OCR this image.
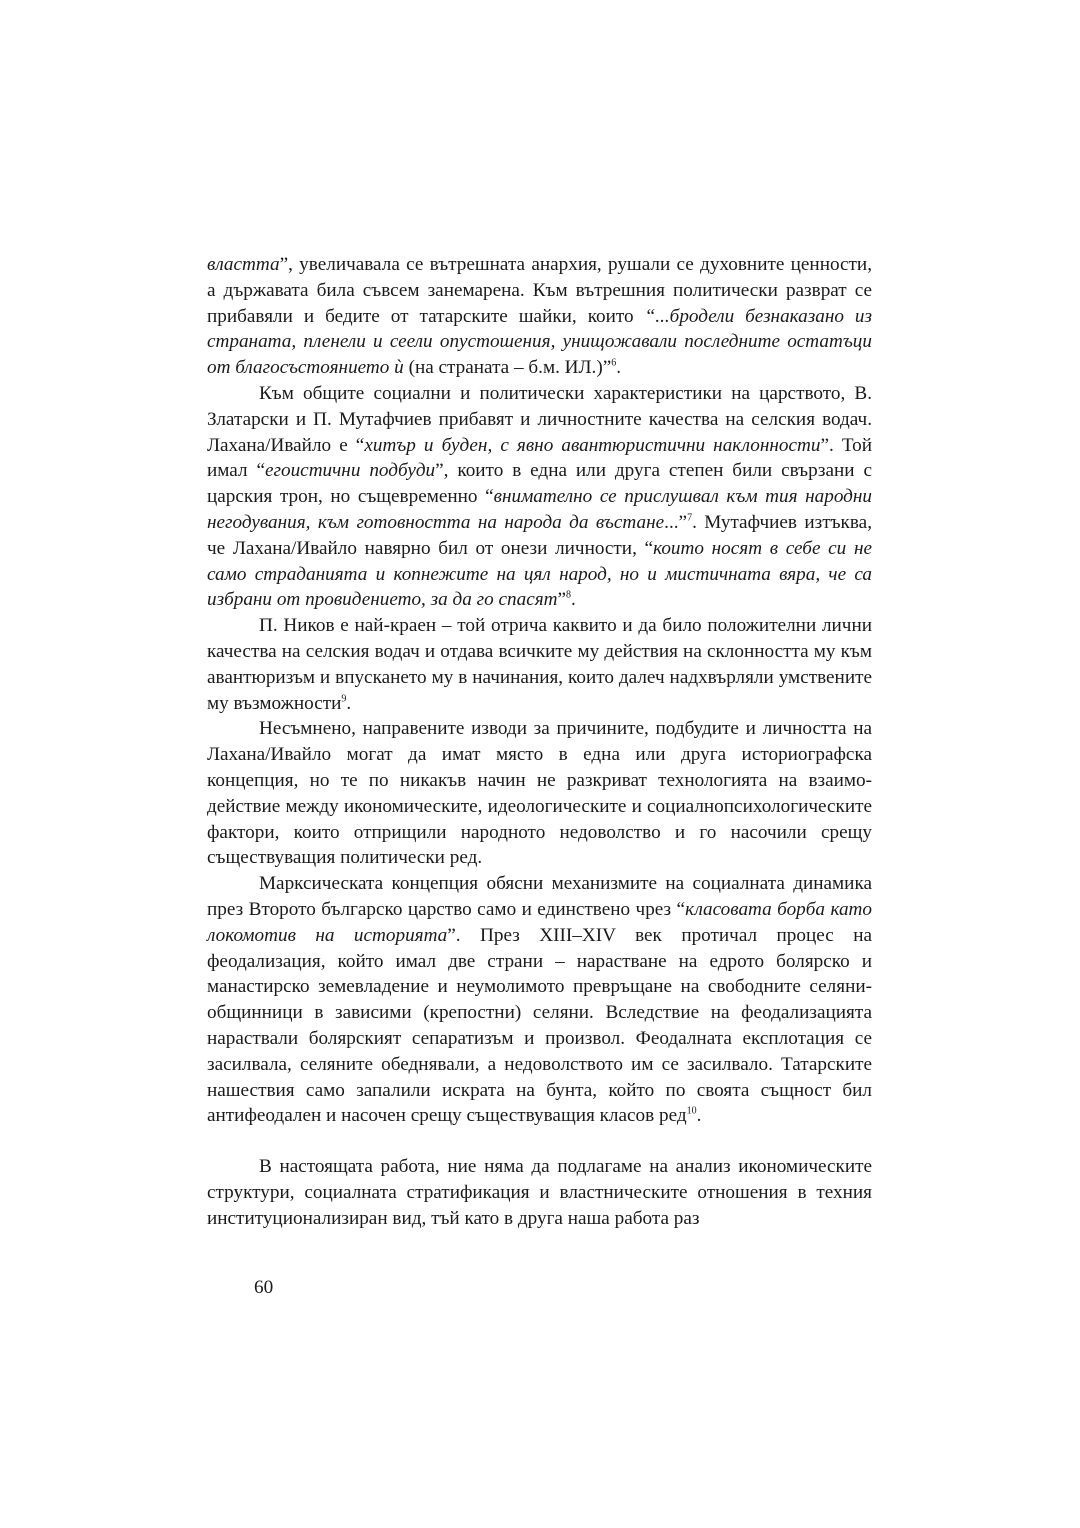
властта”, увеличавала се вътрешната анархия, рушали се духовните ценности, а държавата била съвсем занемарена. Към вътрешния политически разврат се прибавяли и бедите от татарските шайки, които “...бродели безнаказано из страната, пленели и сеели опустошения, унищожавали последните остатъци от благосъстоянието ѝ (на страната – б.м. ИЛ.)”$^6$.

Към общите социални и политически характеристики на царството, В. Златарски и П. Мутафчиев прибавят и личностните качества на селския водач. Лахана/Ивайло е “хитър и буден, с явно авантюристични наклонности”. Той имал “егоистични подбуди”, които в една или друга степен били свързани с царския трон, но същевременно “внимателно се прислушвал към тия народни негодувания, към готовността на народа да въстане...”$^7$. Мутафчиев изтъква, че Лахана/Ивайло навярно бил от онези личности, “които носят в себе си не само страданията и копнежите на цял народ, но и мистичната вяра, че са избрани от провидението, за да го спасят”$^8$.

П. Ников е най-краен – той отрича каквито и да било положителни лични качества на селския водач и отдава всичките му действия на склонността му към авантюризъм и впускането му в начинания, които далеч надхвърляли умствените му възможности$^9$.

Несъмнено, направените изводи за причините, подбудите и личността на Лахана/Ивайло могат да имат място в една или друга историографска концепция, но те по никакъв начин не разкриват технологията на взаимодействие между икономическите, идеологическите и социалнопсихологическите фактори, които отприщили народното недоволство и го насочили срещу съществуващия политически ред.

Марксическата концепция обясни механизмите на социалната динамика през Второто българско царство само и единствено чрез “класовата борба като локомотив на историята”. През XIII–XIV век протичал процес на феодализация, който имал две страни – нарастване на едрото болярско и манастирско земевладение и неумолимото превръщане на свободните селяни-общинници в зависими (крепостни) селяни. Вследствие на феодализацията нараствали болярският сепаратизъм и произвол. Феодалната експлотация се засилвала, селяните обеднявали, а недоволството им се засилвало. Татарските нашествия само запалили искрата на бунта, който по своята същност бил антифеодален и насочен срещу съществуващия класов ред$^{10}$.

В настоящата работа, ние няма да подлагаме на анализ икономическите структури, социалната стратификация и властническите отношения в техния институционализиран вид, тъй като в друга наша работа раз

60
